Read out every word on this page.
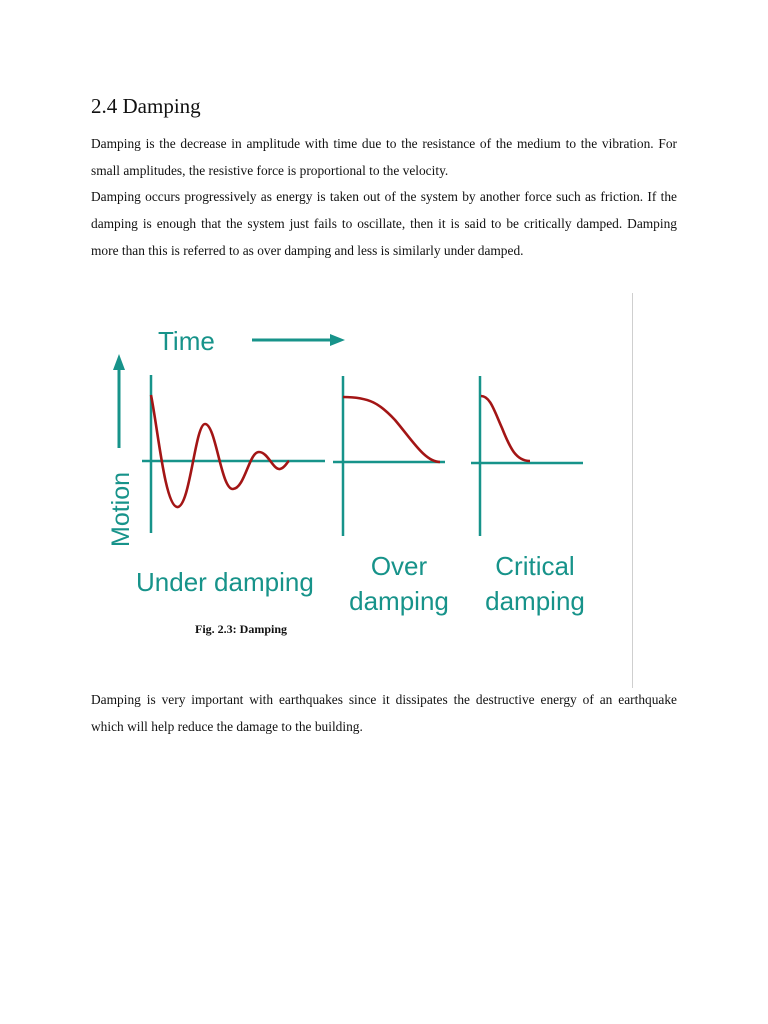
2.4 Damping

Damping is the decrease in amplitude with time due to the resistance of the medium to the vibration. For small amplitudes, the resistive force is proportional to the velocity.

Damping occurs progressively as energy is taken out of the system by another force such as friction. If the damping is enough that the system just fails to oscillate, then it is said to be critically damped. Damping more than this is referred to as over damping and less is similarly under damped.

Time
Motion
Under damping
Over
damping
Critical
damping

Fig. 2.3: Damping

Damping is very important with earthquakes since it dissipates the destructive energy of an earthquake which will help reduce the damage to the building.
